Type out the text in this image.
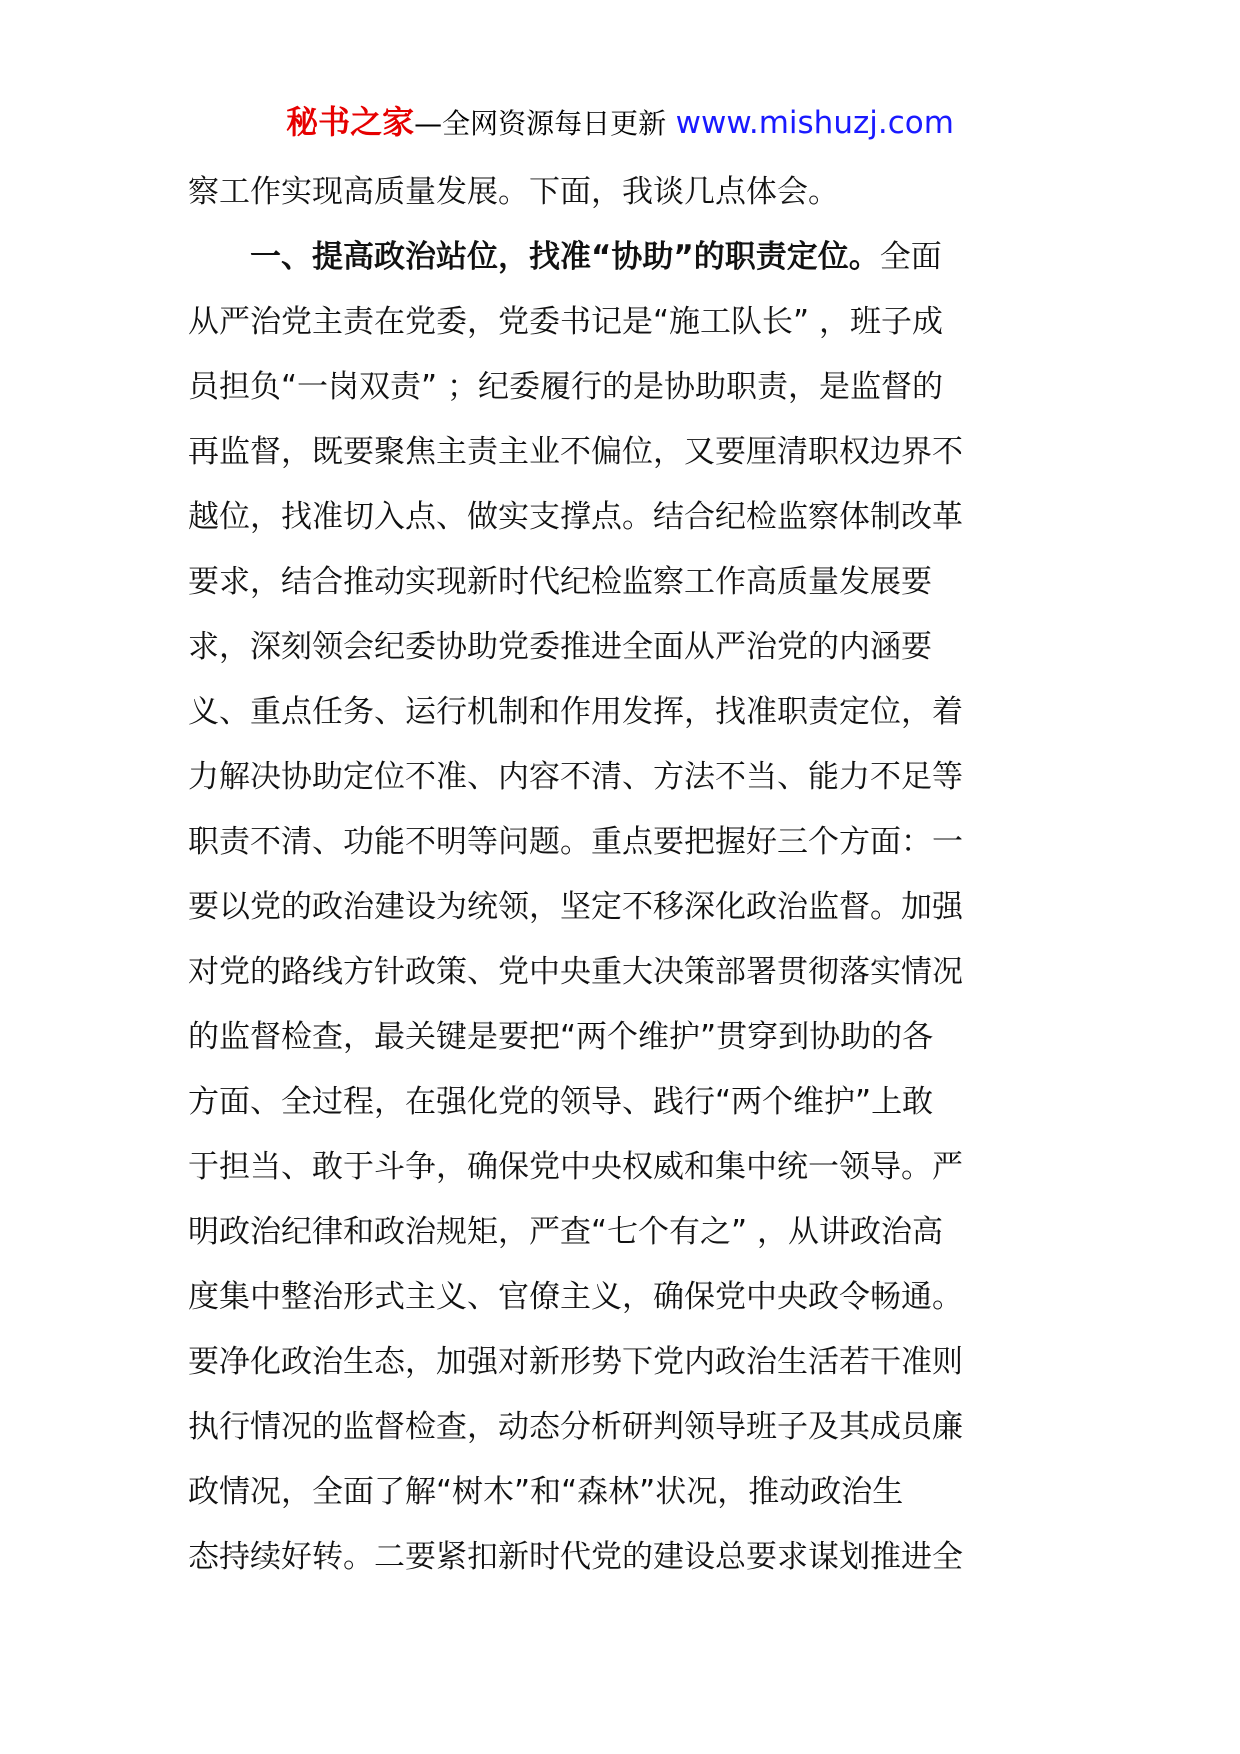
秘书之家—全网资源每日更新 www.mishuzj.com
察工作实现高质量发展。下面，我谈几点体会。
一、提高政治站位，找准“协助”的职责定位。全面
从严治党主责在党委，党委书记是“施工队长” ，班子成
员担负“一岗双责” ；纪委履行的是协助职责，是监督的
再监督，既要聚焦主责主业不偏位，又要厘清职权边界不
越位，找准切入点、做实支撑点。结合纪检监察体制改革
要求，结合推动实现新时代纪检监察工作高质量发展要
求，深刻领会纪委协助党委推进全面从严治党的内涵要
义、重点任务、运行机制和作用发挥，找准职责定位，着
力解决协助定位不准、内容不清、方法不当、能力不足等
职责不清、功能不明等问题。重点要把握好三个方面：一
要以党的政治建设为统领，坚定不移深化政治监督。加强
对党的路线方针政策、党中央重大决策部署贯彻落实情况
的监督检查，最关键是要把“两个维护”贯穿到协助的各
方面、全过程，在强化党的领导、践行“两个维护”上敢
于担当、敢于斗争，确保党中央权威和集中统一领导。严
明政治纪律和政治规矩，严查“七个有之” ，从讲政治高
度集中整治形式主义、官僚主义，确保党中央政令畅通。
要净化政治生态，加强对新形势下党内政治生活若干准则
执行情况的监督检查，动态分析研判领导班子及其成员廉
政情况，全面了解“树木”和“森林”状况，推动政治生
态持续好转。二要紧扣新时代党的建设总要求谋划推进全
